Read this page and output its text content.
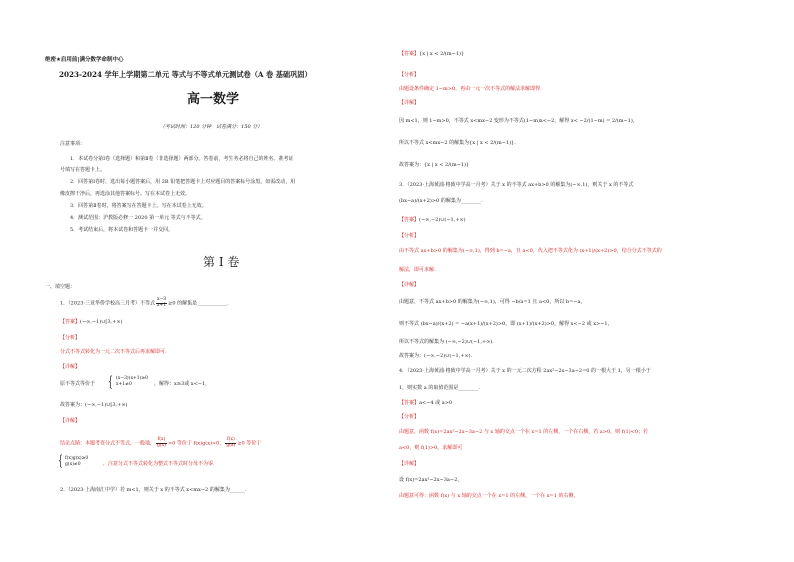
绝密★启用前|满分数学命制中心
2023-2024 学年上学期第二单元 等式与不等式单元测试卷（A 卷 基础巩固）
高一数学
（考试时间：120 分钟　试卷满分：150 分）
注意事项：
1．本试卷分第Ⅰ卷（选择题）和第Ⅱ卷（非选择题）两部分。答卷前，考生务必将自己的姓名、准考证
号填写在答题卡上。
2．回答第Ⅰ卷时，选出每小题答案后，用 2B 铅笔把答题卡上对应题目的答案标号涂黑。如需改动，用
橡皮擦干净后，再选涂其他答案标号。写在本试卷上无效。
3．回答第Ⅱ卷时，将答案写在答题卡上。写在本试卷上无效。
4．测试范围：沪教版必修一 2020 第一单元 等式与不等式。
5．考试结束后，将本试卷和答题卡一并交回。
第 Ⅰ 卷
一、填空题：
1．（2023·三亚华侨学校高三月考）不等式 $\frac{x-3}{x+1} \ge 0$ 的解集是____________.
【答案】(−∞,−1)∪[3,+∞)
【分析】
分式不等式转化为一元二次不等式后再求解即可.
【详解】
原不等式等价于 { (x−3)(x+1)≥0
x+1≠0	，解得：x≥3或 x<−1，
故答案为：(−∞,−1)∪[3,+∞)
【详解】
结论点睛：本题考查分式不等式，一般地， $\frac{f(x)}{g(x)} >0$ 等价于 f(x)g(x)>0， $\frac{f(x)}{g(x)} \ge 0$ 等价于
{ f(x)g(x)≥0
g(x)≠0	，注意分式不等式转化为整式不等式时分母不为零.
2．（2023·上海南汇中学）若 m<1，则关于 x 的不等式 x<mx−2 的解集为______.
【答案】{x | x < 2/(m−1)}
【分析】
由题设条件确定 1−m>0，再由一元一次不等式的解法求解即得.
【详解】
因 m<1，则 1−m>0，不等式 x<mx−2 变形为不等式(1−m)x<−2，解得 x< −2/(1−m) = 2/(m−1)，
所以不等式 x<mx−2 的解集为{x | x < 2/(m−1)}.
故答案为：{x | x < 2/(m−1)}
3．（2023·上海黄浦·格致中学高一月考）关于 x 的不等式 ax+b>0 的解集为(−∞,1)，则关于 x 的不等式
(bx−a)/(x+2)>0 的解集为________.
【答案】(−∞,−2)∪(−1,+∞)
【分析】
由不等式 ax+b>0 的解集为(−∞,1)，得到 b=−a，且 a<0，代入把不等式化为 (x+1)/(x+2)>0，结合分式不等式的
解法，即可求解.
【详解】
由题意，不等式 ax+b>0 的解集为(−∞,1)，可得 −b/a=1 且 a<0，所以 b=−a，
则不等式 (bx−a)/(x+2) = −a(x+1)/(x+2)>0，即 (x+1)/(x+2)>0，解得 x<−2 或 x>−1，
所以不等式的解集为 (−∞,−2)∪(−1,+∞).
故答案为：(−∞,−2)∪(−1,+∞).
4．（2023·上海黄浦·格致中学高一月考）关于 x 的一元二次方程 2ax²−2x−3a−2=0 的一根大于 1，另一根小于
1，则实数 a 的取值范围是________.
【答案】a<−4 或 a>0
【分析】
由题意，函数 f(x)=2ax²−2x−3a−2 与 x 轴的交点一个在 x=1 的左侧，一个在右侧，若 a>0，则 f(1)<0；若
a<0，则 f(1)>0，求解即可
【详解】
设 f(x)=2ax²−2x−3a−2，
由题意可得：函数 f(x) 与 x 轴的交点一个在 x=1 的左侧，一个在 x=1 的右侧，
